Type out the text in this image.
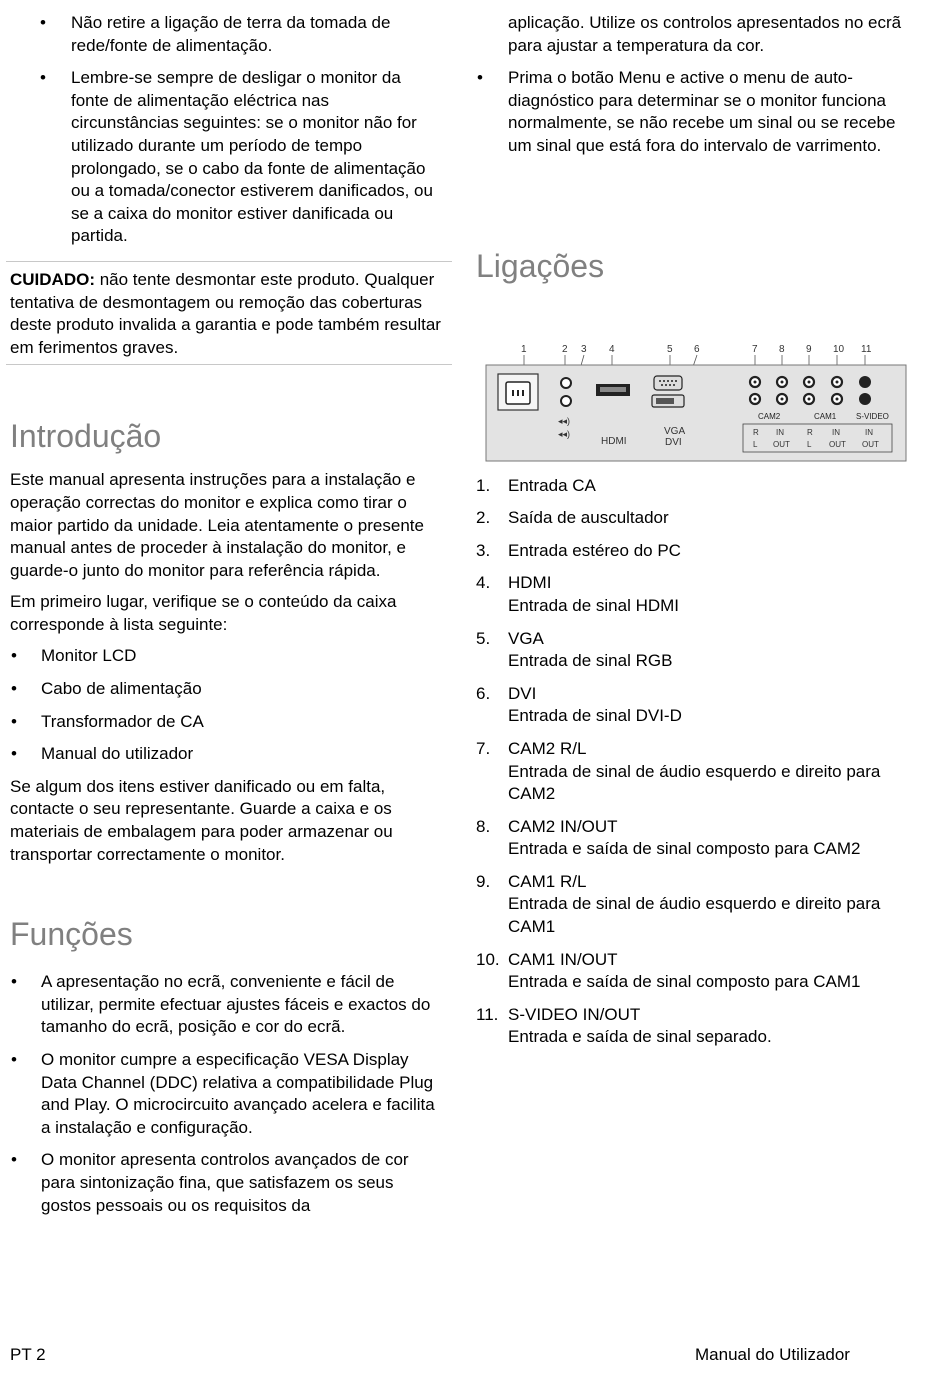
• Não retire a ligação de terra da tomada de rede/fonte de alimentação.
• Lembre-se sempre de desligar o monitor da fonte de alimentação eléctrica nas circunstâncias seguintes: se o monitor não for utilizado durante um período de tempo prolongado, se o cabo da fonte de alimentação ou a tomada/conector estiverem danificados, ou se a caixa do monitor estiver danificada ou partida.

CUIDADO: não tente desmontar este produto. Qualquer tentativa de desmontagem ou remoção das coberturas deste produto invalida a garantia e pode também resultar em ferimentos graves.

Introdução

Este manual apresenta instruções para a instalação e operação correctas do monitor e explica como tirar o maior partido da unidade. Leia atentamente o presente manual antes de proceder à instalação do monitor, e guarde-o junto do monitor para referência rápida.

Em primeiro lugar, verifique se o conteúdo da caixa corresponde à lista seguinte:

• Monitor LCD
• Cabo de alimentação
• Transformador de CA
• Manual do utilizador

Se algum dos itens estiver danificado ou em falta, contacte o seu representante. Guarde a caixa e os materiais de embalagem para poder armazenar ou transportar correctamente o monitor.

Funções
• A apresentação no ecrã, conveniente e fácil de utilizar, permite efectuar ajustes fáceis e exactos do tamanho do ecrã, posição e cor do ecrã.
• O monitor cumpre a especificação VESA Display Data Channel (DDC) relativa a compatibilidade Plug and Play. O microcircuito avançado acelera e facilita a instalação e configuração.
• O monitor apresenta controlos avançados de cor para sintonização fina, que satisfazem os seus gostos pessoais ou os requisitos da

aplicação. Utilize os controlos apresentados no ecrã para ajustar a temperatura da cor.

• Prima o botão Menu e active o menu de auto-diagnóstico para determinar se o monitor funciona normalmente, se não recebe um sinal ou se recebe um sinal que está fora do intervalo de varrimento.
Ligações
1	2 3 4	5 6	7 8 9 10 11
◂◂)
◂◂)
HDMI
VGA
DVI
CAM2	CAM1 S-VIDEO
R
L
IN
OUT
R
L
IN
OUT
IN
OUT
1. Entrada CA
2. Saída de auscultador
3. Entrada estéreo do PC
4. HDMI
Entrada de sinal HDMI
5. VGA
Entrada de sinal RGB
6. DVI
Entrada de sinal DVI-D
7. CAM2 R/L
Entrada de sinal de áudio esquerdo e direito para CAM2
8. CAM2 IN/OUT
Entrada e saída de sinal composto para CAM2
9. CAM1 R/L
Entrada de sinal de áudio esquerdo e direito para CAM1
10. CAM1 IN/OUT
Entrada e saída de sinal composto para CAM1
11. S-VIDEO IN/OUT
Entrada e saída de sinal separado.
PT 2	Manual do Utilizador
